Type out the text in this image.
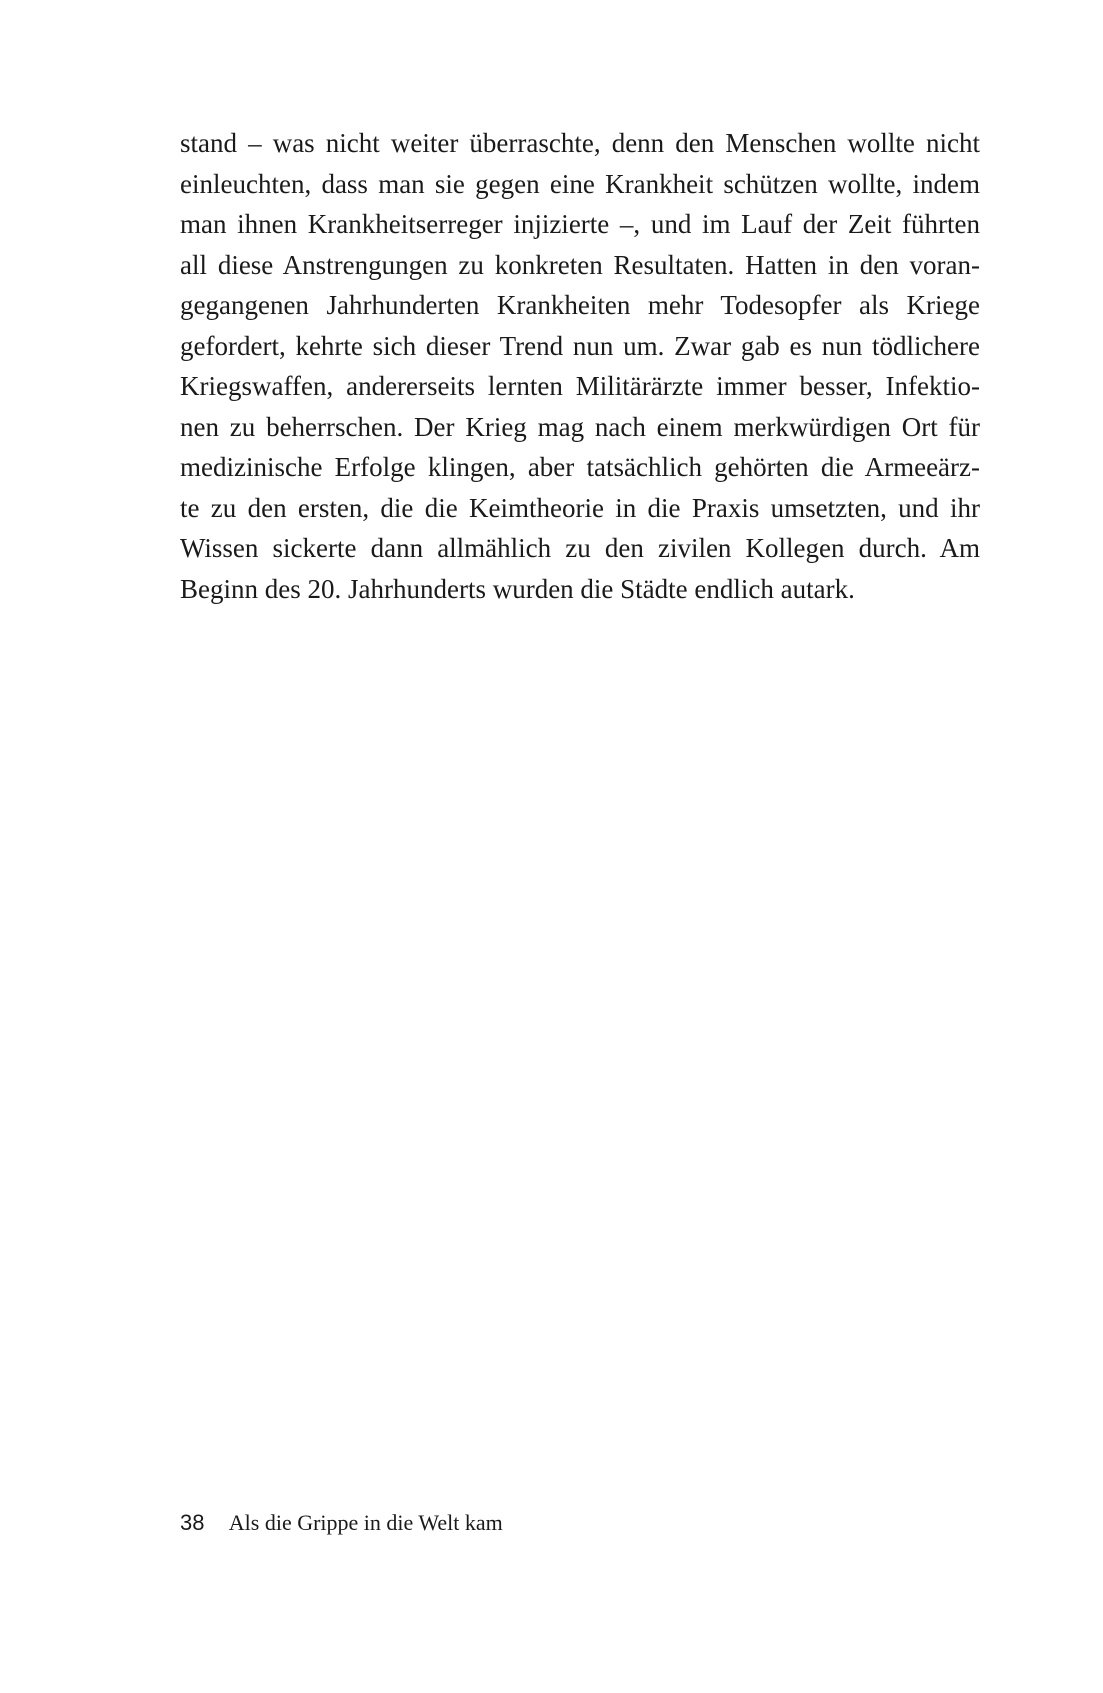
stand – was nicht weiter überraschte, denn den Menschen wollte nicht
einleuchten, dass man sie gegen eine Krankheit schützen wollte, indem
man ihnen Krankheitserreger injizierte –, und im Lauf der Zeit führten
all diese Anstrengungen zu konkreten Resultaten. Hatten in den voran-
gegangenen Jahrhunderten Krankheiten mehr Todesopfer als Kriege
gefordert, kehrte sich dieser Trend nun um. Zwar gab es nun tödlichere
Kriegswaffen, andererseits lernten Militärärzte immer besser, Infektio-
nen zu beherrschen. Der Krieg mag nach einem merkwürdigen Ort für
medizinische Erfolge klingen, aber tatsächlich gehörten die Armeeärz-
te zu den ersten, die die Keimtheorie in die Praxis umsetzten, und ihr
Wissen sickerte dann allmählich zu den zivilen Kollegen durch. Am
Beginn des 20. Jahrhunderts wurden die Städte endlich autark.
38 Als die Grippe in die Welt kam
